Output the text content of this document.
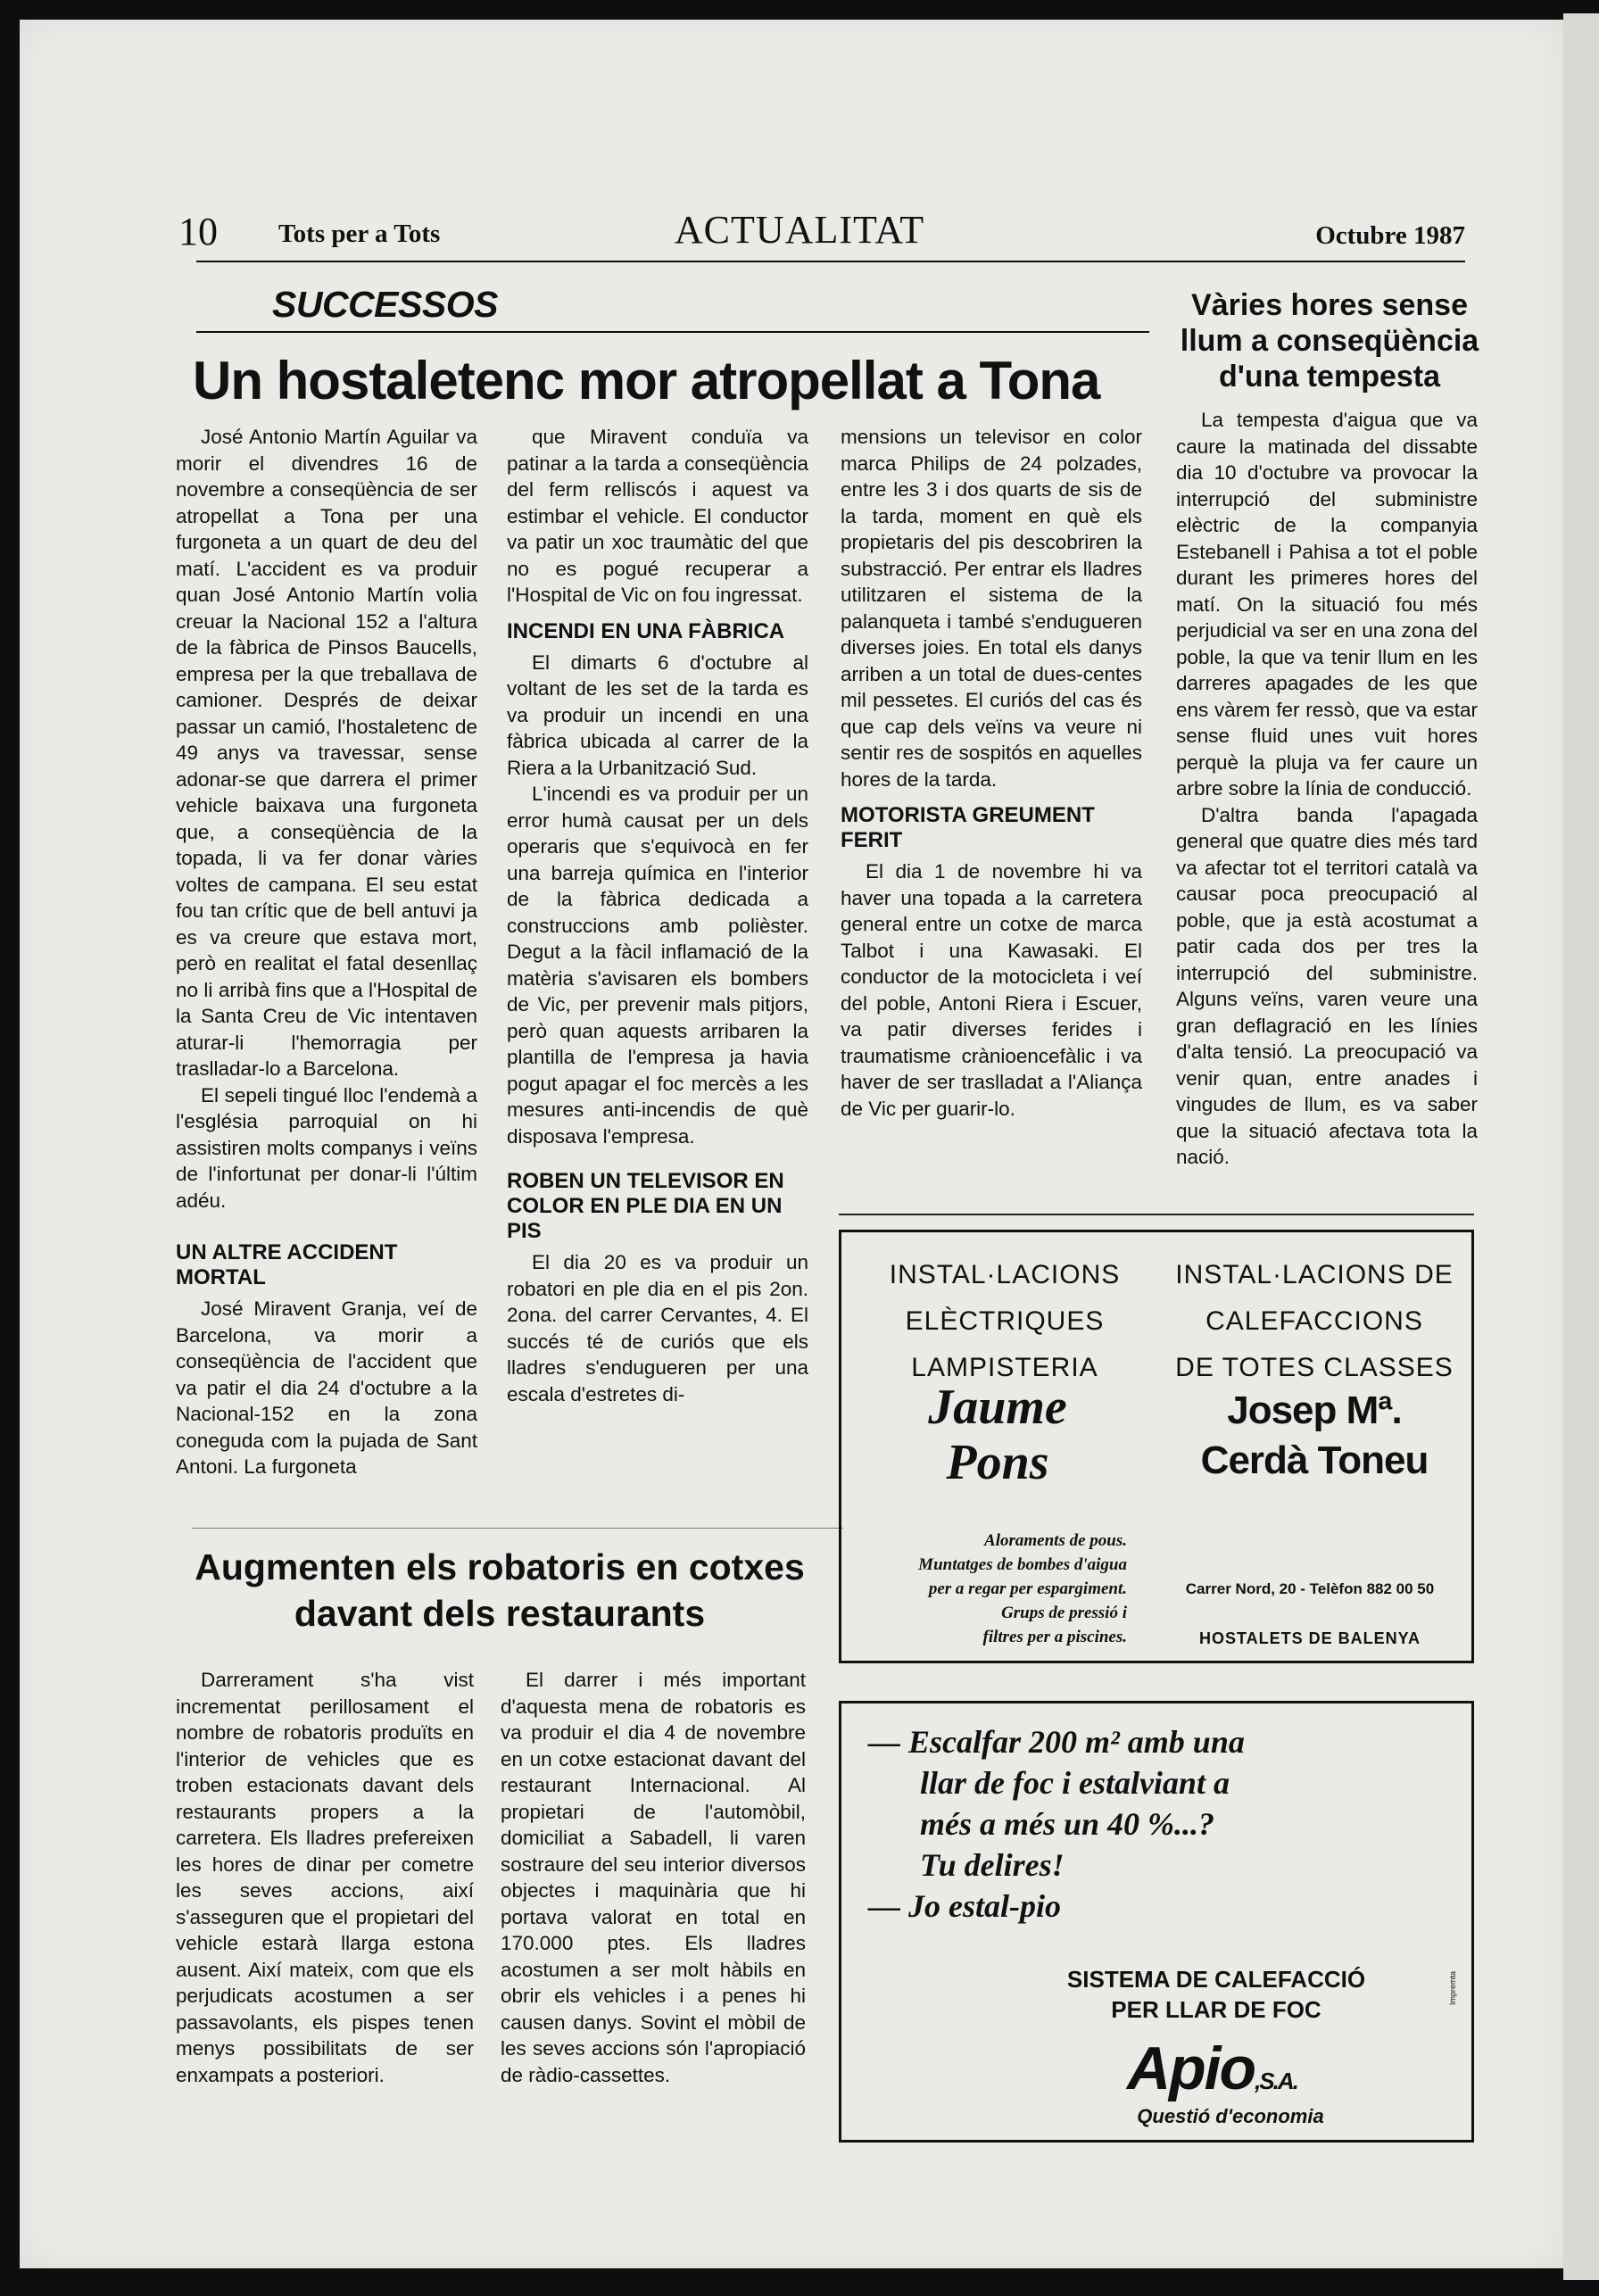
10 Tots per a Tots	ACTUALITAT	Octubre 1987
SUCCESSOS
Un hostaletenc mor atropellat a Tona

José Antonio Martín Aguilar va morir el divendres 16 de novembre a conseqüència de ser atropellat a Tona per una furgoneta a un quart de deu del matí. L'accident es va produir quan José Antonio Martín volia creuar la Nacional 152 a l'altura de la fàbrica de Pinsos Baucells, empresa per la que treballava de camioner. Després de deixar passar un camió, l'hostaletenc de 49 anys va travessar, sense adonar-se que darrera el primer vehicle baixava una furgoneta que, a conseqüència de la topada, li va fer donar vàries voltes de campana. El seu estat fou tan crític que de bell antuvi ja es va creure que estava mort, però en realitat el fatal desenllaç no li arribà fins que a l'Hospital de la Santa Creu de Vic intentaven aturar-li l'hemorragia per traslladar-lo a Barcelona.

El sepeli tingué lloc l'endemà a l'església parroquial on hi assistiren molts companys i veïns de l'infortunat per donar-li l'últim adéu.

UN ALTRE ACCIDENT MORTAL

José Miravent Granja, veí de Barcelona, va morir a conseqüència de l'accident que va patir el dia 24 d'octubre a la Nacional-152 en la zona coneguda com la pujada de Sant Antoni. La furgoneta

que Miravent conduïa va patinar a la tarda a conseqüència del ferm relliscós i aquest va estimbar el vehicle. El conductor va patir un xoc traumàtic del que no es pogué recuperar a l'Hospital de Vic on fou ingressat.

INCENDI EN UNA FÀBRICA

El dimarts 6 d'octubre al voltant de les set de la tarda es va produir un incendi en una fàbrica ubicada al carrer de la Riera a la Urbanització Sud.

L'incendi es va produir per un error humà causat per un dels operaris que s'equivocà en fer una barreja química en l'interior de la fàbrica dedicada a construccions amb polièster. Degut a la fàcil inflamació de la matèria s'avisaren els bombers de Vic, per prevenir mals pitjors, però quan aquests arribaren la plantilla de l'empresa ja havia pogut apagar el foc mercès a les mesures anti-incendis de què disposava l'empresa.

ROBEN UN TELEVISOR EN COLOR EN PLE DIA EN UN PIS

El dia 20 es va produir un robatori en ple dia en el pis 2on. 2ona. del carrer Cervantes, 4. El succés té de curiós que els lladres s'endugueren per una escala d'estretes di-

mensions un televisor en color marca Philips de 24 polzades, entre les 3 i dos quarts de sis de la tarda, moment en què els propietaris del pis descobriren la substracció. Per entrar els lladres utilitzaren el sistema de la palanqueta i també s'endugueren diverses joies. En total els danys arriben a un total de dues-centes mil pessetes. El curiós del cas és que cap dels veïns va veure ni sentir res de sospitós en aquelles hores de la tarda.

MOTORISTA GREUMENT FERIT

El dia 1 de novembre hi va haver una topada a la carretera general entre un cotxe de marca Talbot i una Kawasaki. El conductor de la motocicleta i veí del poble, Antoni Riera i Escuer, va patir diverses ferides i traumatisme crànioencefàlic i va haver de ser traslladat a l'Aliança de Vic per guarir-lo.

Vàries hores sense llum a conseqüència d'una tempesta

La tempesta d'aigua que va caure la matinada del dissabte dia 10 d'octubre va provocar la interrupció del subministre elèctric de la companyia Estebanell i Pahisa a tot el poble durant les primeres hores del matí. On la situació fou més perjudicial va ser en una zona del poble, la que va tenir llum en les darreres apagades de les que ens vàrem fer ressò, que va estar sense fluid unes vuit hores perquè la pluja va fer caure un arbre sobre la línia de conducció.

D'altra banda l'apagada general que quatre dies més tard va afectar tot el territori català va causar poca preocupació al poble, que ja està acostumat a patir cada dos per tres la interrupció del subministre. Alguns veïns, varen veure una gran deflagració en les línies d'alta tensió. La preocupació va venir quan, entre anades i vingudes de llum, es va saber que la situació afectava tota la nació.

Augmenten els robatoris en cotxes davant dels restaurants

Darrerament s'ha vist incrementat perillosament el nombre de robatoris produïts en l'interior de vehicles que es troben estacionats davant dels restaurants propers a la carretera. Els lladres prefereixen les hores de dinar per cometre les seves accions, així s'asseguren que el propietari del vehicle estarà llarga estona ausent. Així mateix, com que els perjudicats acostumen a ser passavolants, els pispes tenen menys possibilitats de ser enxampats a posteriori.

El darrer i més important d'aquesta mena de robatoris es va produir el dia 4 de novembre en un cotxe estacionat davant del restaurant Internacional. Al propietari de l'automòbil, domiciliat a Sabadell, li varen sostraure del seu interior diversos objectes i maquinària que hi portava valorat en total en 170.000 ptes. Els lladres acostumen a ser molt hàbils en obrir els vehicles i a penes hi causen danys. Sovint el mòbil de les seves accions són l'apropiació de ràdio-cassettes.

INSTAL·LACIONS
ELÈCTRIQUES
LAMPISTERIA
Jaume
Pons
Aloraments de pous.
Muntatges de bombes d'aigua
per a regar per espargiment.
Grups de pressió i
filtres per a piscines.
INSTAL·LACIONS DE
CALEFACCIONS
DE TOTES CLASSES
Josep Mª.
Cerdà Toneu
Carrer Nord, 20 - Telèfon 882 00 50
HOSTALETS DE BALENYA
— Escalfar 200 m² amb una
llar de foc i estalviant a
més a més un 40 %...?
Tu delires!
— Jo estal-pio
SISTEMA DE CALEFACCIÓ
PER LLAR DE FOC
Apio,S.A.
Questió d'economia
Impremta
